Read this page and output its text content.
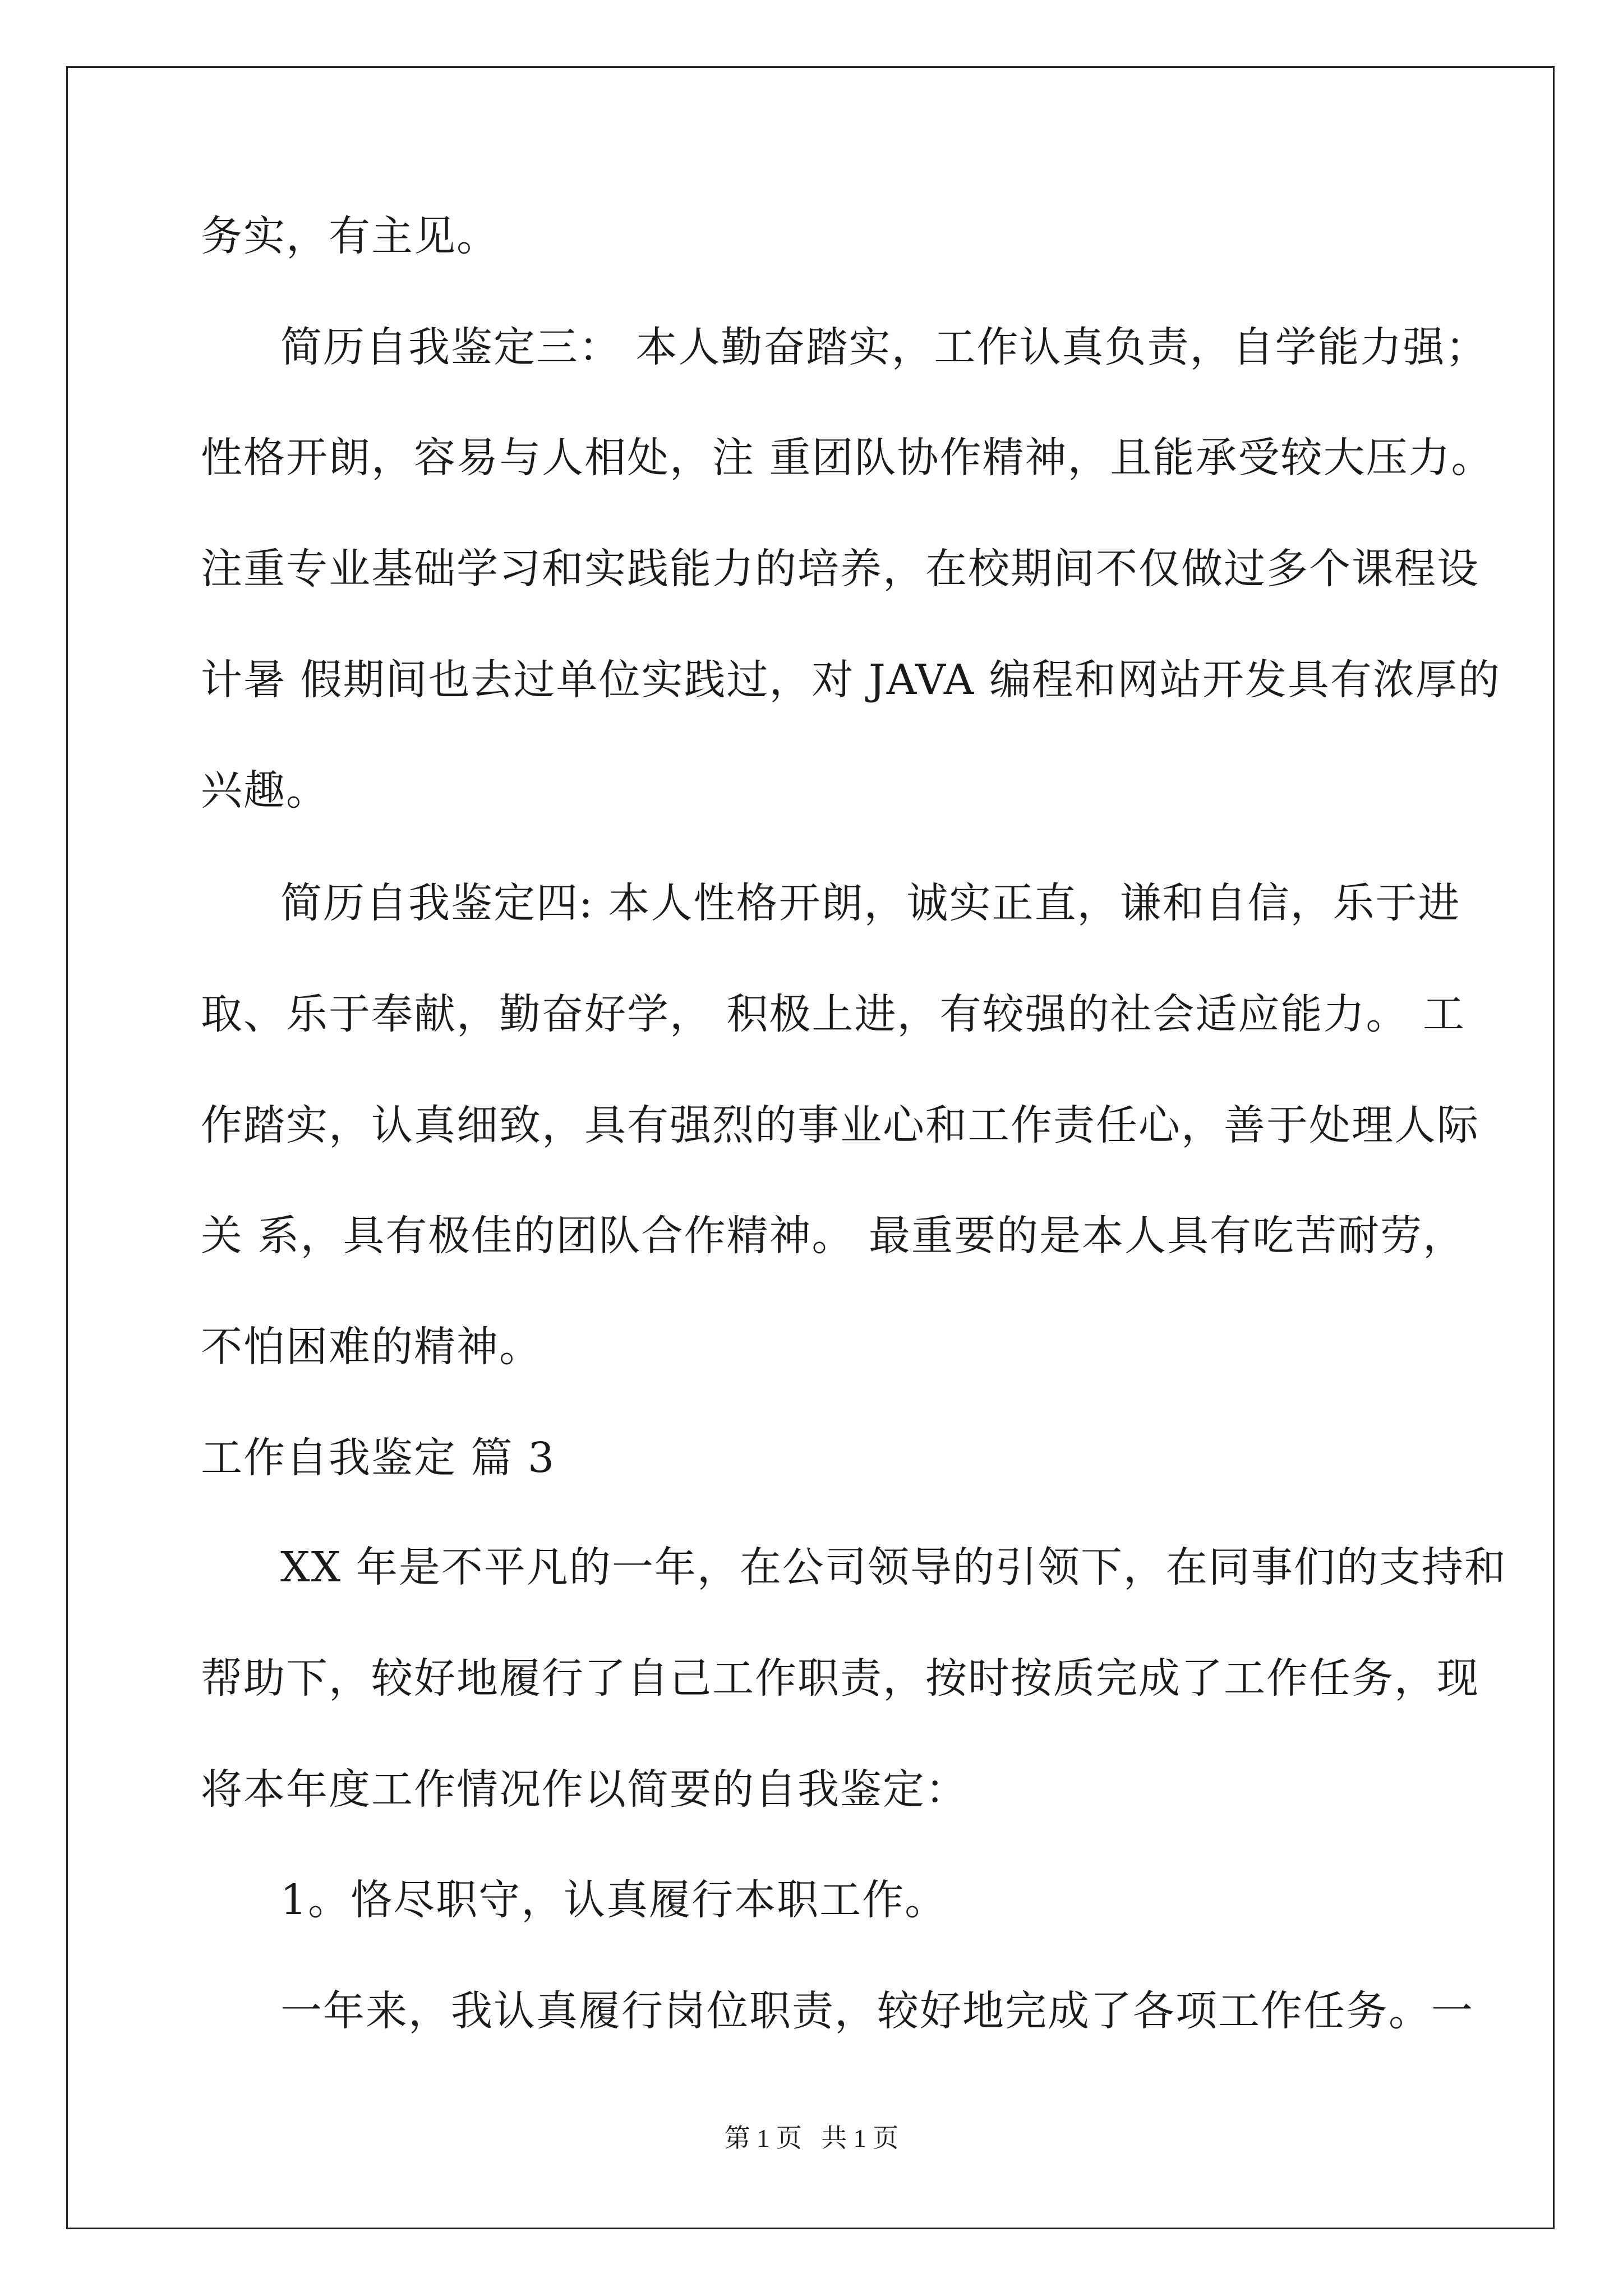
务实，有主见。
简历自我鉴定三： 本人勤奋踏实，工作认真负责，自学能力强；
性格开朗，容易与人相处，注 重团队协作精神，且能承受较大压力。
注重专业基础学习和实践能力的培养，在校期间不仅做过多个课程设
计暑 假期间也去过单位实践过，对 JAVA 编程和网站开发具有浓厚的
兴趣。
简历自我鉴定四: 本人性格开朗，诚实正直，谦和自信，乐于进
取、乐于奉献，勤奋好学， 积极上进，有较强的社会适应能力。 工
作踏实，认真细致，具有强烈的事业心和工作责任心，善于处理人际
关 系，具有极佳的团队合作精神。 最重要的是本人具有吃苦耐劳，
不怕困难的精神。
工作自我鉴定 篇 3
XX 年是不平凡的一年，在公司领导的引领下，在同事们的支持和
帮助下，较好地履行了自己工作职责，按时按质完成了工作任务，现
将本年度工作情况作以简要的自我鉴定：
1。恪尽职守，认真履行本职工作。
一年来，我认真履行岗位职责，较好地完成了各项工作任务。一
第 1 页   共 1 页
